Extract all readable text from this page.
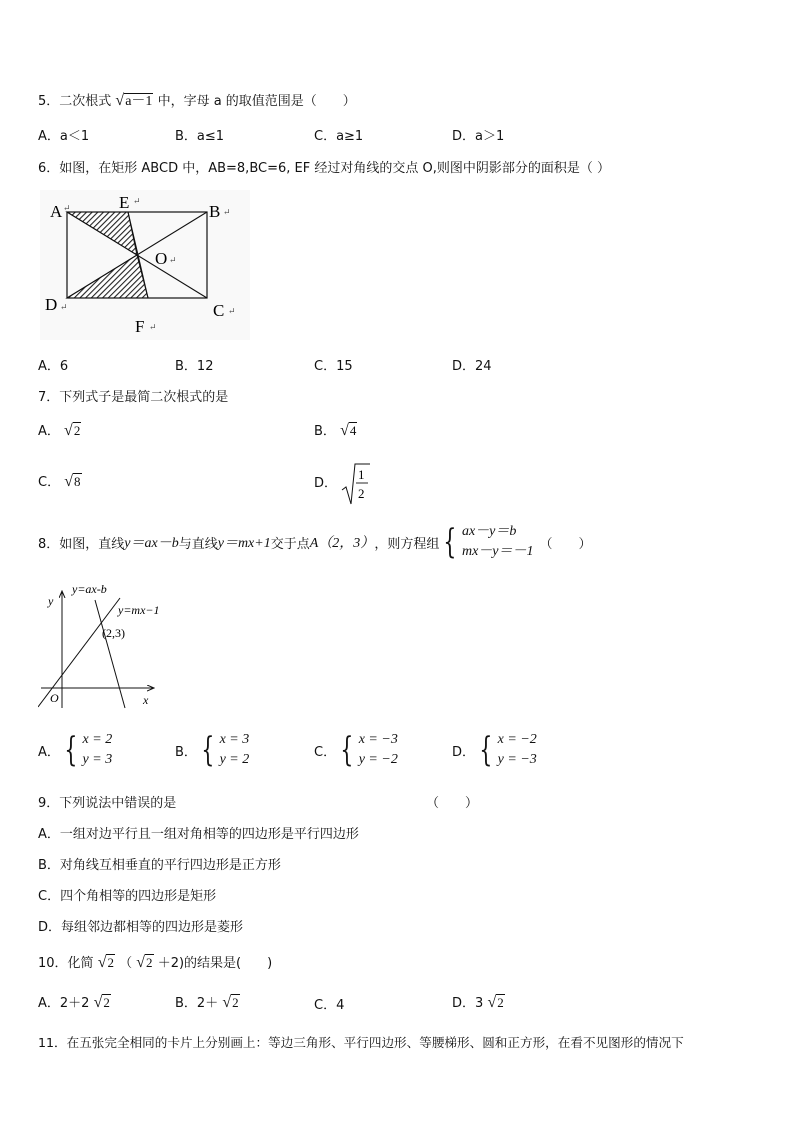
5．二次根式 √a－1 中，字母 a 的取值范围是（　　）
A．a＜1	B．a≤1	C．a≥1	D．a＞1
6．如图，在矩形 ABCD 中，AB=8,BC=6, EF 经过对角线的交点 O,则图中阴影部分的面积是（ ）
A ↵	E ↵
B ↵
O ↵
D ↵	C ↵
F ↵
A．6	B．12	C．15	D．24
7．下列式子是最简二次根式的是
A． √2	B． √4
C． √8	D．
1
2
8．如图，直线 y＝ax－b 与直线 y＝mx+1 交于点 A（2，3） ，则方程组 { ax－y＝b
mx－y＝－1 （　　）
y=ax-b
y=mx−1
(2,3)
x
y
O
A． { x = 2
y = 3	B． { x = 3
y = 2	C． { x = −3
y = −2	D． { x = −2
y = −3
9．下列说法中错误的是	（　　）
A．一组对边平行且一组对角相等的四边形是平行四边形
B．对角线互相垂直的平行四边形是正方形
C．四个角相等的四边形是矩形
D．每组邻边都相等的四边形是菱形
10．化简 √2 （ √2 ＋2)的结果是(　　)
A．2＋2 √2	B．2＋ √2	C．4	D．3 √2
11．在五张完全相同的卡片上分别画上：等边三角形、平行四边形、等腰梯形、圆和正方形，在看不见图形的情况下
